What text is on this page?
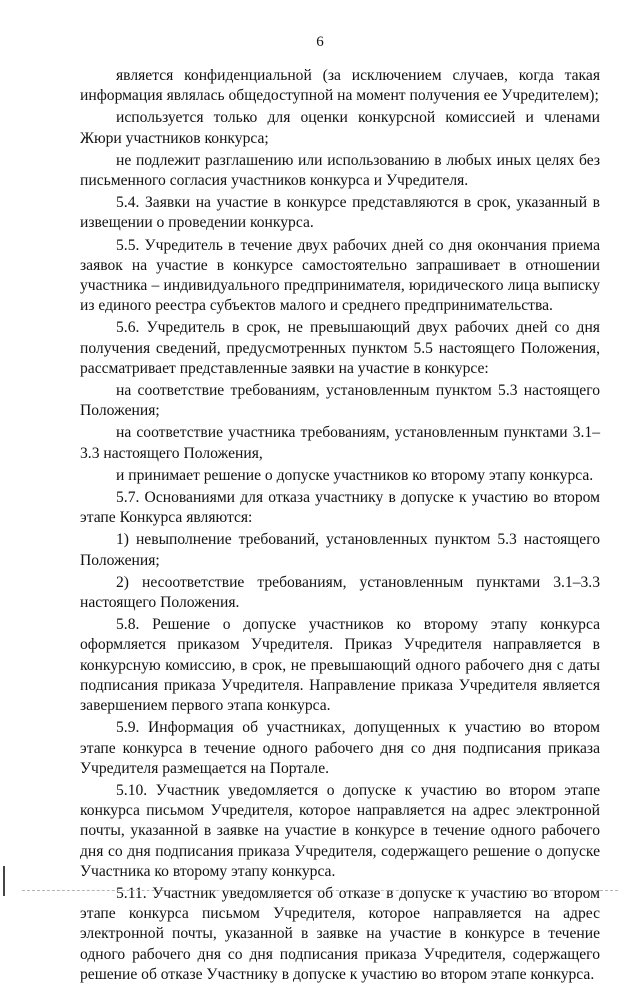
6

является конфиденциальной (за исключением случаев, когда такая информация являлась общедоступной на момент получения ее Учредителем);

используется только для оценки конкурсной комиссией и членами Жюри участников конкурса;

не подлежит разглашению или использованию в любых иных целях без письменного согласия участников конкурса и Учредителя.

5.4. Заявки на участие в конкурсе представляются в срок, указанный в извещении о проведении конкурса.

5.5. Учредитель в течение двух рабочих дней со дня окончания приема заявок на участие в конкурсе самостоятельно запрашивает в отношении участника – индивидуального предпринимателя, юридического лица выписку из единого реестра субъектов малого и среднего предпринимательства.

5.6. Учредитель в срок, не превышающий двух рабочих дней со дня получения сведений, предусмотренных пунктом 5.5 настоящего Положения, рассматривает представленные заявки на участие в конкурсе:

на соответствие требованиям, установленным пунктом 5.3 настоящего Положения;

на соответствие участника требованиям, установленным пунктами 3.1–3.3 настоящего Положения,

и принимает решение о допуске участников ко второму этапу конкурса.

5.7. Основаниями для отказа участнику в допуске к участию во втором этапе Конкурса являются:

1) невыполнение требований, установленных пунктом 5.3 настоящего Положения;

2) несоответствие требованиям, установленным пунктами 3.1–3.3 настоящего Положения.

5.8. Решение о допуске участников ко второму этапу конкурса оформляется приказом Учредителя. Приказ Учредителя направляется в конкурсную комиссию, в срок, не превышающий одного рабочего дня с даты подписания приказа Учредителя. Направление приказа Учредителя является завершением первого этапа конкурса.

5.9. Информация об участниках, допущенных к участию во втором этапе конкурса в течение одного рабочего дня со дня подписания приказа Учредителя размещается на Портале.

5.10. Участник уведомляется о допуске к участию во втором этапе конкурса письмом Учредителя, которое направляется на адрес электронной почты, указанной в заявке на участие в конкурсе в течение одного рабочего дня со дня подписания приказа Учредителя, содержащего решение о допуске Участника ко второму этапу конкурса.

5.11. Участник уведомляется об отказе в допуске к участию во втором этапе конкурса письмом Учредителя, которое направляется на адрес электронной почты, указанной в заявке на участие в конкурсе в течение одного рабочего дня со дня подписания приказа Учредителя, содержащего решение об отказе Участнику в допуске к участию во втором этапе конкурса.
